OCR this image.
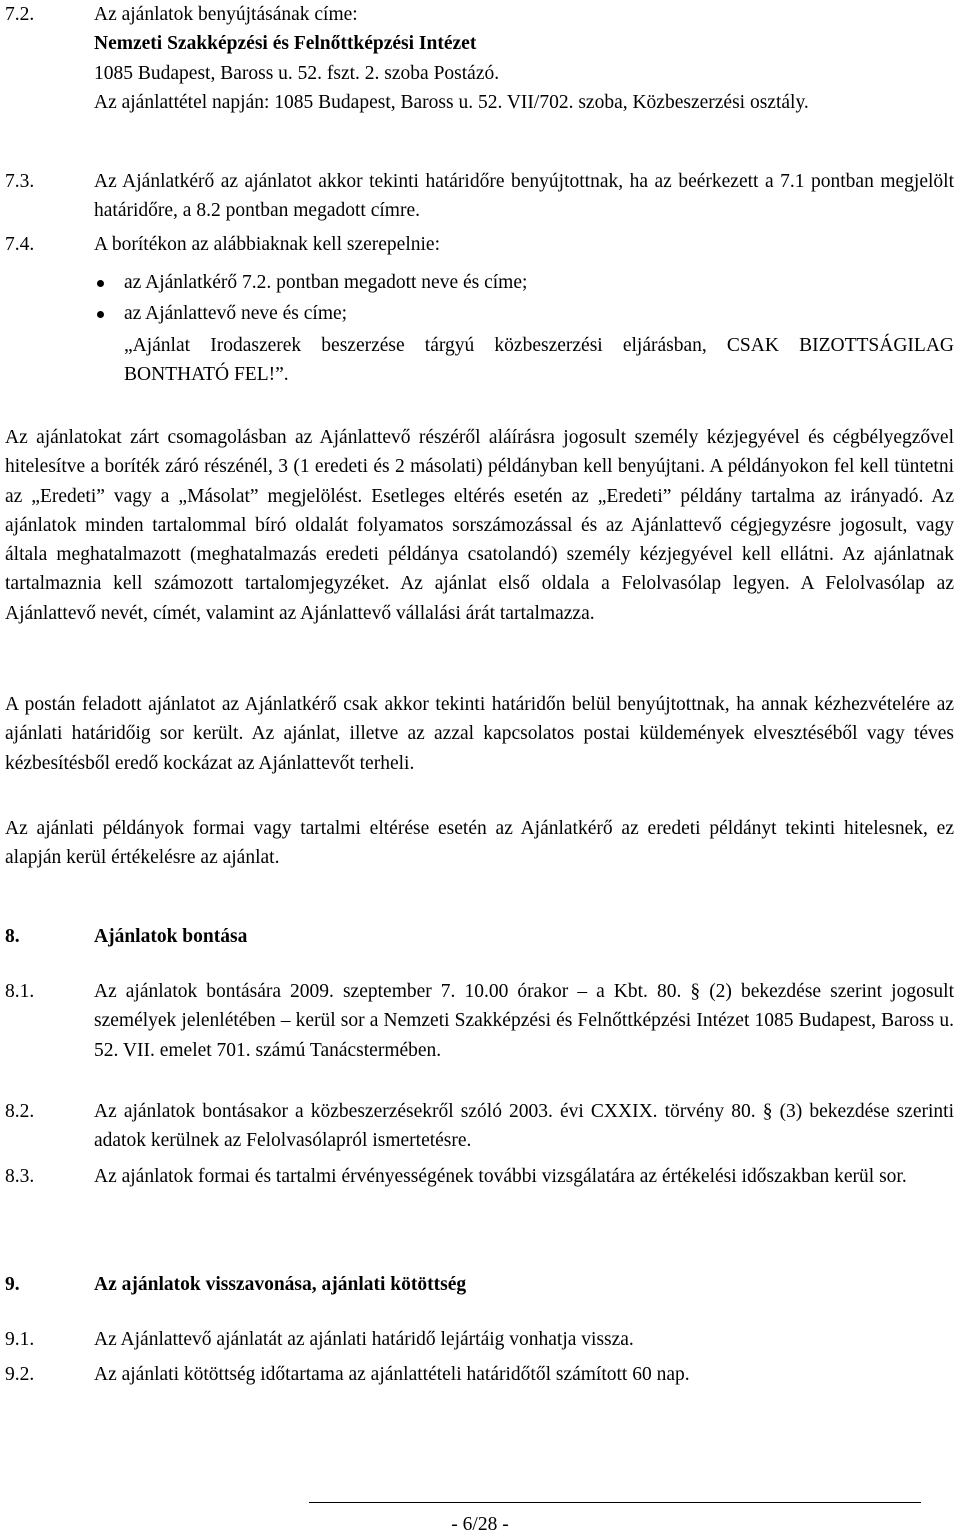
7.2.	Az ajánlatok benyújtásának címe:
Nemzeti Szakképzési és Felnőttképzési Intézet
1085 Budapest, Baross u. 52. fszt. 2. szoba Postázó.
Az ajánlattétel napján: 1085 Budapest, Baross u. 52. VII/702. szoba, Közbeszerzési osztály.
7.3.	Az Ajánlatkérő az ajánlatot akkor tekinti határidőre benyújtottnak, ha az beérkezett a 7.1 pontban megjelölt határidőre, a 8.2 pontban megadott címre.
7.4.	A borítékon az alábbiaknak kell szerepelnie:
az Ajánlatkérő 7.2. pontban megadott neve és címe;
az Ajánlattevő neve és címe;
„Ajánlat Irodaszerek beszerzése tárgyú közbeszerzési eljárásban, CSAK BIZOTTSÁGILAG BONTHATÓ FEL!”.
Az ajánlatokat zárt csomagolásban az Ajánlattevő részéről aláírásra jogosult személy kézjegyével és cégbélyegzővel hitelesítve a boríték záró részénél, 3 (1 eredeti és 2 másolati) példányban kell benyújtani. A példányokon fel kell tüntetni az „Eredeti” vagy a „Másolat” megjelölést. Esetleges eltérés esetén az „Eredeti” példány tartalma az irányadó. Az ajánlatok minden tartalommal bíró oldalát folyamatos sorszámozással és az Ajánlattevő cégjegyzésre jogosult, vagy általa meghatalmazott (meghatalmazás eredeti példánya csatolandó) személy kézjegyével kell ellátni. Az ajánlatnak tartalmaznia kell számozott tartalomjegyzéket. Az ajánlat első oldala a Felolvasólap legyen. A Felolvasólap az Ajánlattevő nevét, címét, valamint az Ajánlattevő vállalási árát tartalmazza.
A postán feladott ajánlatot az Ajánlatkérő csak akkor tekinti határidőn belül benyújtottnak, ha annak kézhezvételére az ajánlati határidőig sor került. Az ajánlat, illetve az azzal kapcsolatos postai küldemények elvesztéséből vagy téves kézbesítésből eredő kockázat az Ajánlattevőt terheli.
Az ajánlati példányok formai vagy tartalmi eltérése esetén az Ajánlatkérő az eredeti példányt tekinti hitelesnek, ez alapján kerül értékelésre az ajánlat.
8.	Ajánlatok bontása
8.1.	Az ajánlatok bontására 2009. szeptember 7. 10.00 órakor – a Kbt. 80. § (2) bekezdése szerint jogosult személyek jelenlétében – kerül sor a Nemzeti Szakképzési és Felnőttképzési Intézet 1085 Budapest, Baross u. 52. VII. emelet 701. számú Tanácstermében.
8.2.	Az ajánlatok bontásakor a közbeszerzésekről szóló 2003. évi CXXIX. törvény 80. § (3) bekezdése szerinti adatok kerülnek az Felolvasólapról ismertetésre.
8.3.	Az ajánlatok formai és tartalmi érvényességének további vizsgálatára az értékelési időszakban kerül sor.
9.	Az ajánlatok visszavonása, ajánlati kötöttség
9.1.	Az Ajánlattevő ajánlatát az ajánlati határidő lejártáig vonhatja vissza.
9.2.	Az ajánlati kötöttség időtartama az ajánlattételi határidőtől számított 60 nap.
- 6/28 -
